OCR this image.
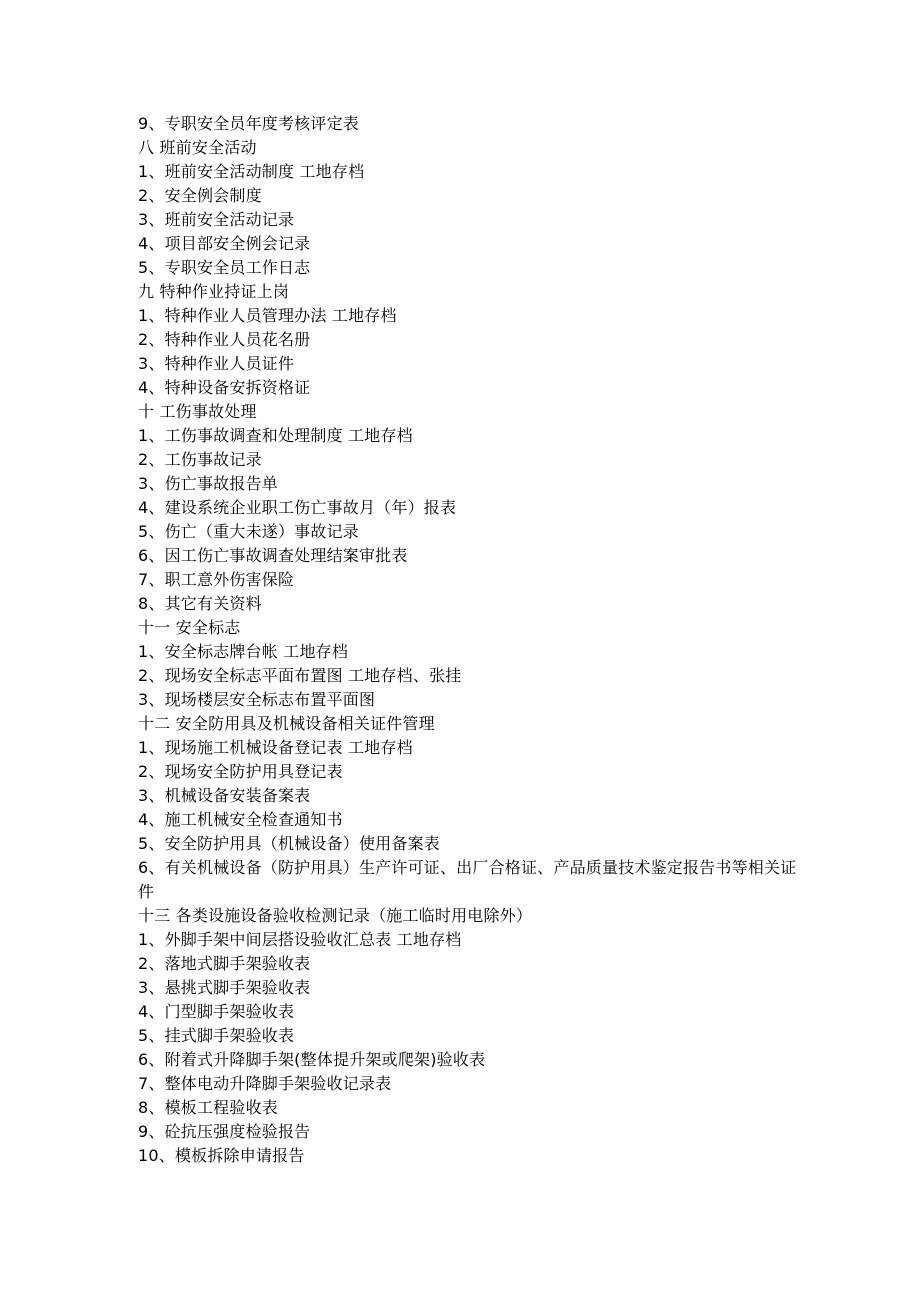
9、专职安全员年度考核评定表
八 班前安全活动
1、班前安全活动制度 工地存档
2、安全例会制度
3、班前安全活动记录
4、项目部安全例会记录
5、专职安全员工作日志
九 特种作业持证上岗
1、特种作业人员管理办法 工地存档
2、特种作业人员花名册
3、特种作业人员证件
4、特种设备安拆资格证
十 工伤事故处理
1、工伤事故调查和处理制度 工地存档
2、工伤事故记录
3、伤亡事故报告单
4、建设系统企业职工伤亡事故月（年）报表
5、伤亡（重大未遂）事故记录
6、因工伤亡事故调查处理结案审批表
7、职工意外伤害保险
8、其它有关资料
十一 安全标志
1、安全标志牌台帐 工地存档
2、现场安全标志平面布置图 工地存档、张挂
3、现场楼层安全标志布置平面图
十二 安全防用具及机械设备相关证件管理
1、现场施工机械设备登记表 工地存档
2、现场安全防护用具登记表
3、机械设备安装备案表
4、施工机械安全检查通知书
5、安全防护用具（机械设备）使用备案表
6、有关机械设备（防护用具）生产许可证、出厂合格证、产品质量技术鉴定报告书等相关证件
十三 各类设施设备验收检测记录（施工临时用电除外）
1、外脚手架中间层搭设验收汇总表 工地存档
2、落地式脚手架验收表
3、悬挑式脚手架验收表
4、门型脚手架验收表
5、挂式脚手架验收表
6、附着式升降脚手架(整体提升架或爬架)验收表
7、整体电动升降脚手架验收记录表
8、模板工程验收表
9、砼抗压强度检验报告
10、模板拆除申请报告
